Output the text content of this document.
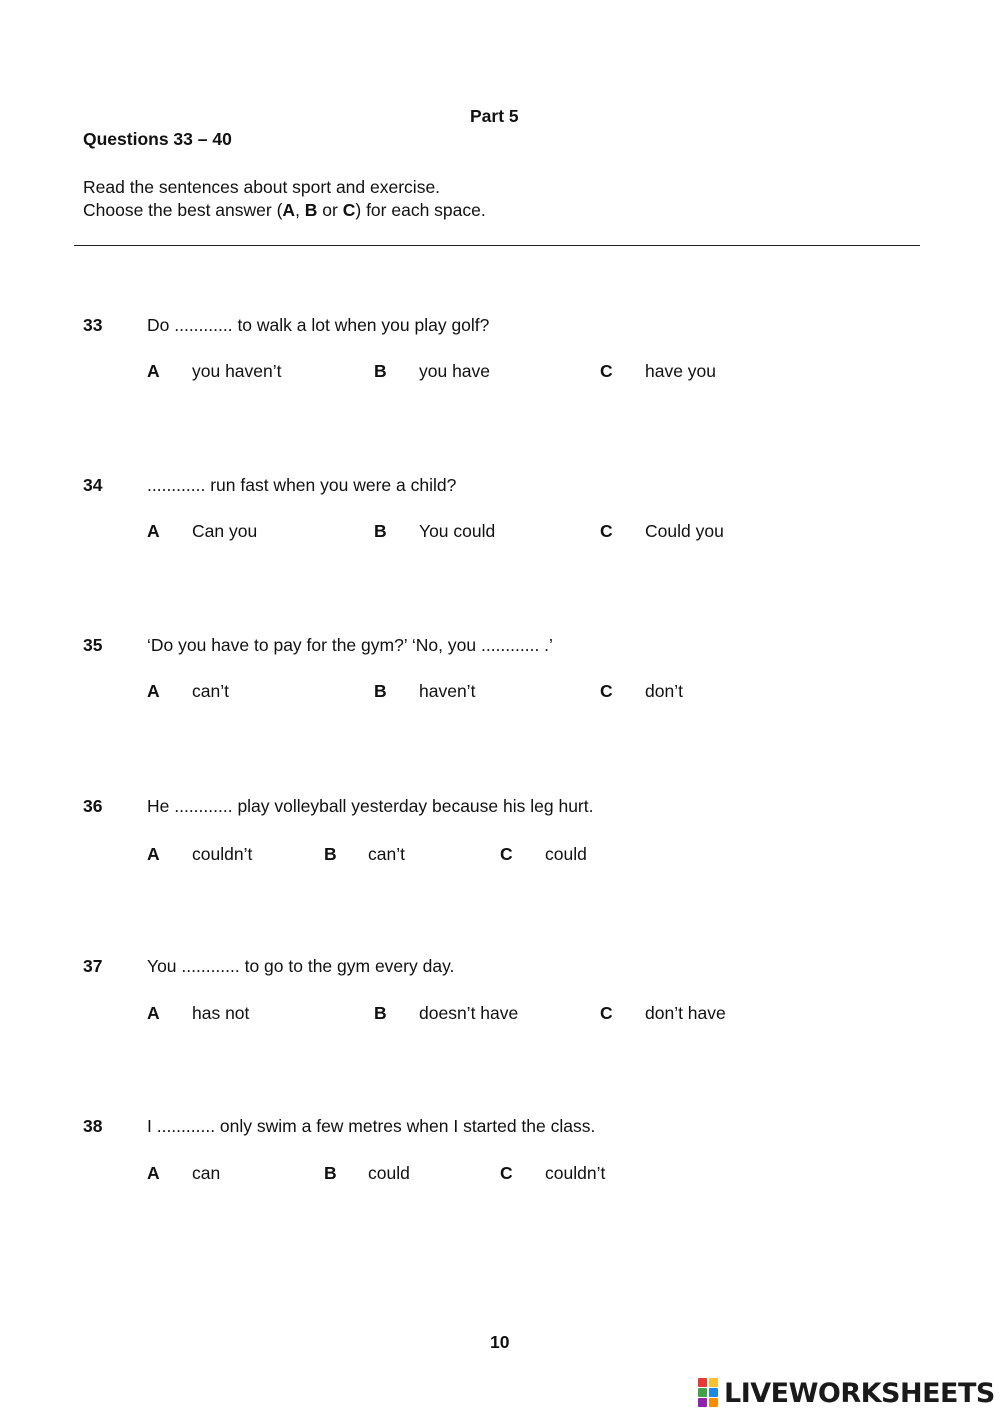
Part 5
Questions 33 – 40
Read the sentences about sport and exercise.
Choose the best answer (A, B or C) for each space.
33	Do ............ to walk a lot when you play golf?
A you haven’t	B you have	C have you
34	............ run fast when you were a child?
A Can you	B You could	C Could you
35	‘Do you have to pay for the gym?’ ‘No, you ............ .’
A can’t	B haven’t	C don’t
36	He ............ play volleyball yesterday because his leg hurt.
A couldn’t	B can’t	C could
37	You ............ to go to the gym every day.
A has not	B doesn’t have	C don’t have
38	I ............ only swim a few metres when I started the class.
A can	B could	C couldn’t
10
LIVEWORKSHEETS
